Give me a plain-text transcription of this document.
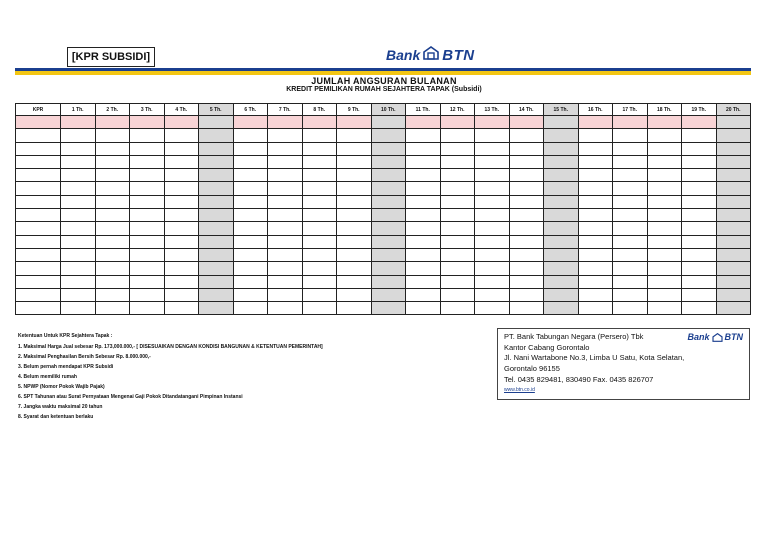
[KPR SUBSIDI]	Bank BTN
JUMLAH ANGSURAN BULANAN
KREDIT PEMILIKAN RUMAH SEJAHTERA TAPAK (Subsidi)
KPR	1 Th.	2 Th.	3 Th.	4 Th.	5 Th.	6 Th.	7 Th.	8 Th.	9 Th.	10 Th.	11 Th.	12 Th.	13 Th.	14 Th.	15 Th.	16 Th.	17 Th.	18 Th.	19 Th.	20 Th.

Ketentuan Untuk KPR Sejahtera Tapak :
1. Maksimal Harga Jual sebesar Rp. 173,000.000,- [ DISESUAIKAN DENGAN KONDISI BANGUNAN & KETENTUAN PEMERINTAH]
2. Maksimal Penghasilan Bersih Sebesar Rp. 8.000.000,-
3. Belum pernah mendapat KPR Subsidi
4. Belum memiliki rumah
5. NPWP (Nomor Pokok Wajib Pajak)
6. SPT Tahunan atau Surat Pernyataan Mengenai Gaji Pokok Ditandatangani Pimpinan Instansi
7. Jangka waktu maksimal 20 tahun
8. Syarat dan ketentuan berlaku
Bank BTN
PT. Bank Tabungan Negara (Persero) Tbk
Kantor Cabang Gorontalo
Jl. Nani Wartabone No.3, Limba U Satu, Kota Selatan,
Gorontalo 96155
Tel. 0435 829481, 830490 Fax. 0435 826707
www.btn.co.id
